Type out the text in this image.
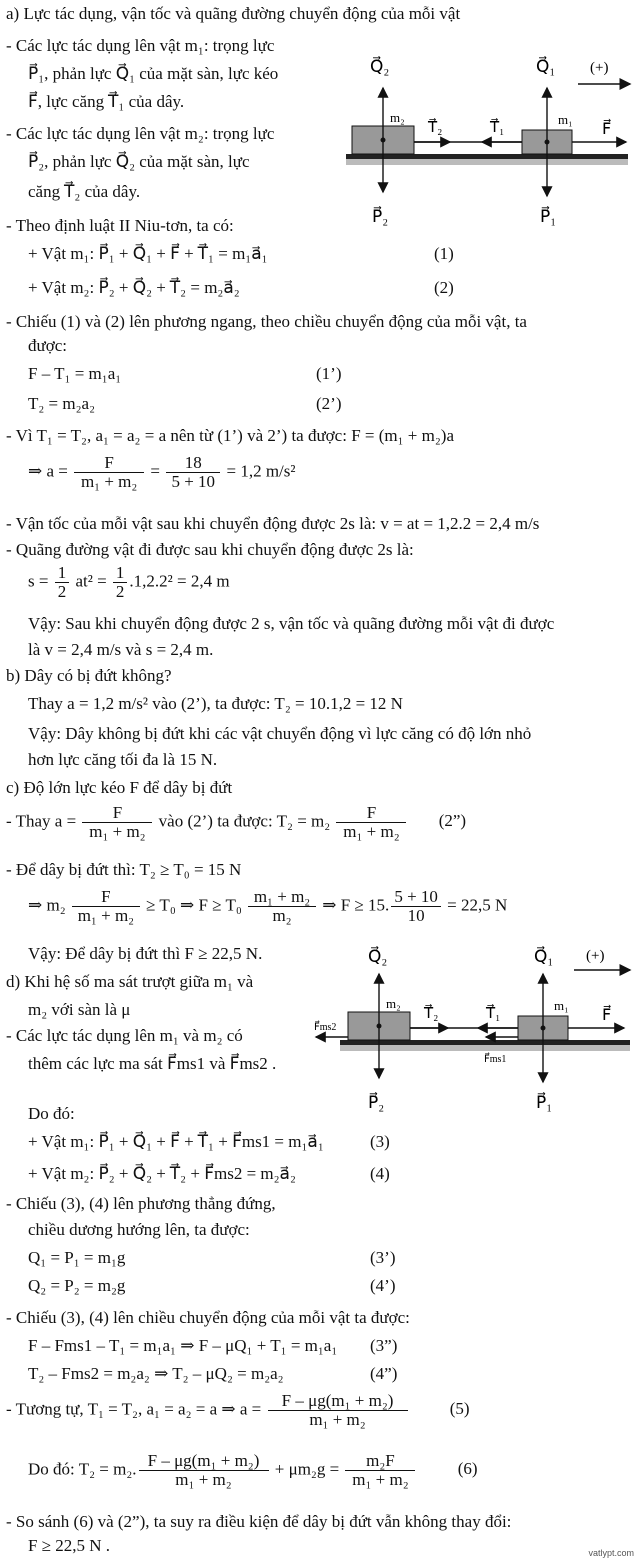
a) Lực tác dụng, vận tốc và quãng đường chuyển động của mỗi vật
- Các lực tác dụng lên vật m₁: trọng lực
P⃗₁, phản lực Q⃗₁ của mặt sàn, lực kéo
F⃗, lực căng T⃗₁ của dây.
- Các lực tác dụng lên vật m₂: trọng lực
P⃗₂, phản lực Q⃗₂ của mặt sàn, lực
căng T⃗₂ của dây.
Q⃗₂	Q⃗₁ (+)
m₂	m₁
T⃗₂	T⃗₁	F⃗
P⃗₂	P⃗₁
- Theo định luật II Niu-tơn, ta có:
+ Vật m₁: P⃗₁ + Q⃗₁ + F⃗ + T⃗₁ = m₁a⃗₁	(1)
+ Vật m₂: P⃗₂ + Q⃗₂ + T⃗₂ = m₂a⃗₂	(2)
- Chiếu (1) và (2) lên phương ngang, theo chiều chuyển động của mỗi vật, ta
được:
F – T₁ = m₁a₁	(1’)
T₂ = m₂a₂	(2’)
- Vì T₁ = T₂, a₁ = a₂ = a nên từ (1’) và 2’) ta được: F = (m₁ + m₂)a
⇒ $a = \frac{F}{\text{m₁ + m₂}} = \frac{18}{5 + 10} = 1,2$ m/s²
- Vận tốc của mỗi vật sau khi chuyển động được 2s là: v = at = 1,2.2 = 2,4 m/s
- Quãng đường vật đi được sau khi chuyển động được 2s là:
$s = \frac{1}{2} at^2 = \frac{1}{2} .1,2.2^2 = 2,4$ m
Vậy: Sau khi chuyển động được 2 s, vận tốc và quãng đường mỗi vật đi được
là v = 2,4 m/s và s = 2,4 m.
b) Dây có bị đứt không?
Thay a = 1,2 m/s² vào (2’), ta được: T₂ = 10.1,2 = 12 N
Vậy: Dây không bị đứt khi các vật chuyển động vì lực căng có độ lớn nhỏ
hơn lực căng tối đa là 15 N.
c) Độ lớn lực kéo F để dây bị đứt
- Thay $a = \frac{F}{\text{m₁ + m₂}}$ vào (2’) ta được: $T_2 = m_2 \frac{F}{\text{m₁ + m₂}}$ (2”)
- Để dây bị đứt thì: T₂ ≥ T₀ = 15 N
⇒ $m_2 \frac{F}{\text{m₁ + m₂}} \ge T_0$ ⇒ $F \ge T_0 \frac{\text{m₁ + m₂}}{\text{m₂}}$ ⇒ F ≥ 15. $\frac{5 + 10}{10} = 22,5$ N
Vậy: Để dây bị đứt thì F ≥ 22,5 N.
d) Khi hệ số ma sát trượt giữa m₁ và
m₂ với sàn là μ
- Các lực tác dụng lên m₁ và m₂ có
thêm các lực ma sát F⃗ms1 và F⃗ms2 .
Q⃗₂	Q⃗₁ (+)
m₂	m₁
T⃗₂	T⃗₁	F⃗
F⃗ms2
F⃗ms1
P⃗₂	P⃗₁
Do đó:
+ Vật m₁: P⃗₁ + Q⃗₁ + F⃗ + T⃗₁ + F⃗ms1 = m₁a⃗₁	(3)
+ Vật m₂: P⃗₂ + Q⃗₂ + T⃗₂ + F⃗ms2 = m₂a⃗₂	(4)
- Chiếu (3), (4) lên phương thẳng đứng,
chiều dương hướng lên, ta được:
Q₁ = P₁ = m₁g	(3’)
Q₂ = P₂ = m₂g	(4’)
- Chiếu (3), (4) lên chiều chuyển động của mỗi vật ta được:
F – Fms1 – T₁ = m₁a₁ ⇒ F – μQ₁ + T₁ = m₁a₁ (3”)
T₂ – Fms2 = m₂a₂ ⇒ T₂ – μQ₂ = m₂a₂	(4”)
- Tương tự, T₁ = T₂, a₁ = a₂ = a ⇒ $a = \frac{\text{F – μg(m₁ + m₂)}}{\text{m₁ + m₂}} (5)$
Do đó: T₂ = m₂. $\frac{\text{F – μg(m₁ + m₂)}}{\text{m₁ + m₂}} + \mu m_2g = \frac{\text{m₂F}}{\text{m₁ + m₂}} (6)$
- So sánh (6) và (2”), ta suy ra điều kiện để dây bị đứt vẫn không thay đổi:
F ≥ 22,5 N .	vatlypt.com
